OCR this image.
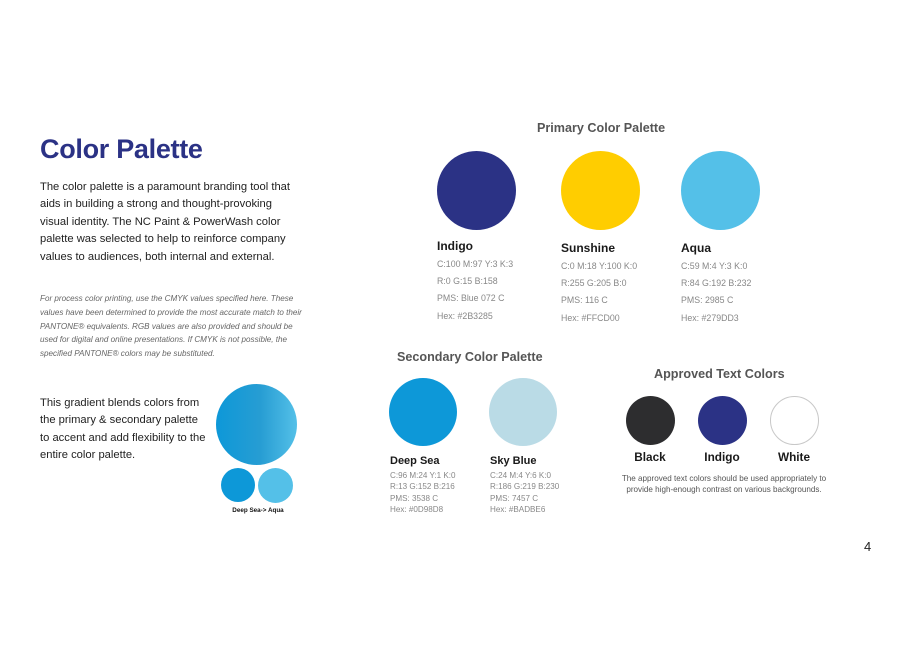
Color Palette
The color palette is a paramount branding tool that aids in building a strong and thought-provoking visual identity. The NC Paint & PowerWash color palette was selected to help to reinforce company values to audiences, both internal and external.
For process color printing, use the CMYK values specified here. These values have been determined to provide the most accurate match to their PANTONE® equivalents. RGB values are also provided and should be used for digital and online presentations. If CMYK is not possible, the specified PANTONE® colors may be substituted.
This gradient blends colors from the primary & secondary palette to accent and add flexibility to the entire color palette.
Deep Sea-> Aqua
Primary Color Palette
Indigo
C:100 M:97 Y:3 K:3
R:0 G:15 B:158
PMS: Blue 072 C
Hex: #2B3285
Sunshine
C:0 M:18 Y:100 K:0
R:255 G:205 B:0
PMS: 116 C
Hex: #FFCD00
Aqua
C:59 M:4 Y:3 K:0
R:84 G:192 B:232
PMS: 2985 C
Hex: #279DD3
Secondary Color Palette
Deep Sea
C:96 M:24 Y:1 K:0
R:13 G:152 B:216
PMS: 3538 C
Hex: #0D98D8
Sky Blue
C:24 M:4 Y:6 K:0
R:186 G:219 B:230
PMS: 7457 C
Hex: #BADBE6
Approved Text Colors
Black	Indigo	White
The approved text colors should be used appropriately to provide high-enough contrast on various backgrounds.
4
